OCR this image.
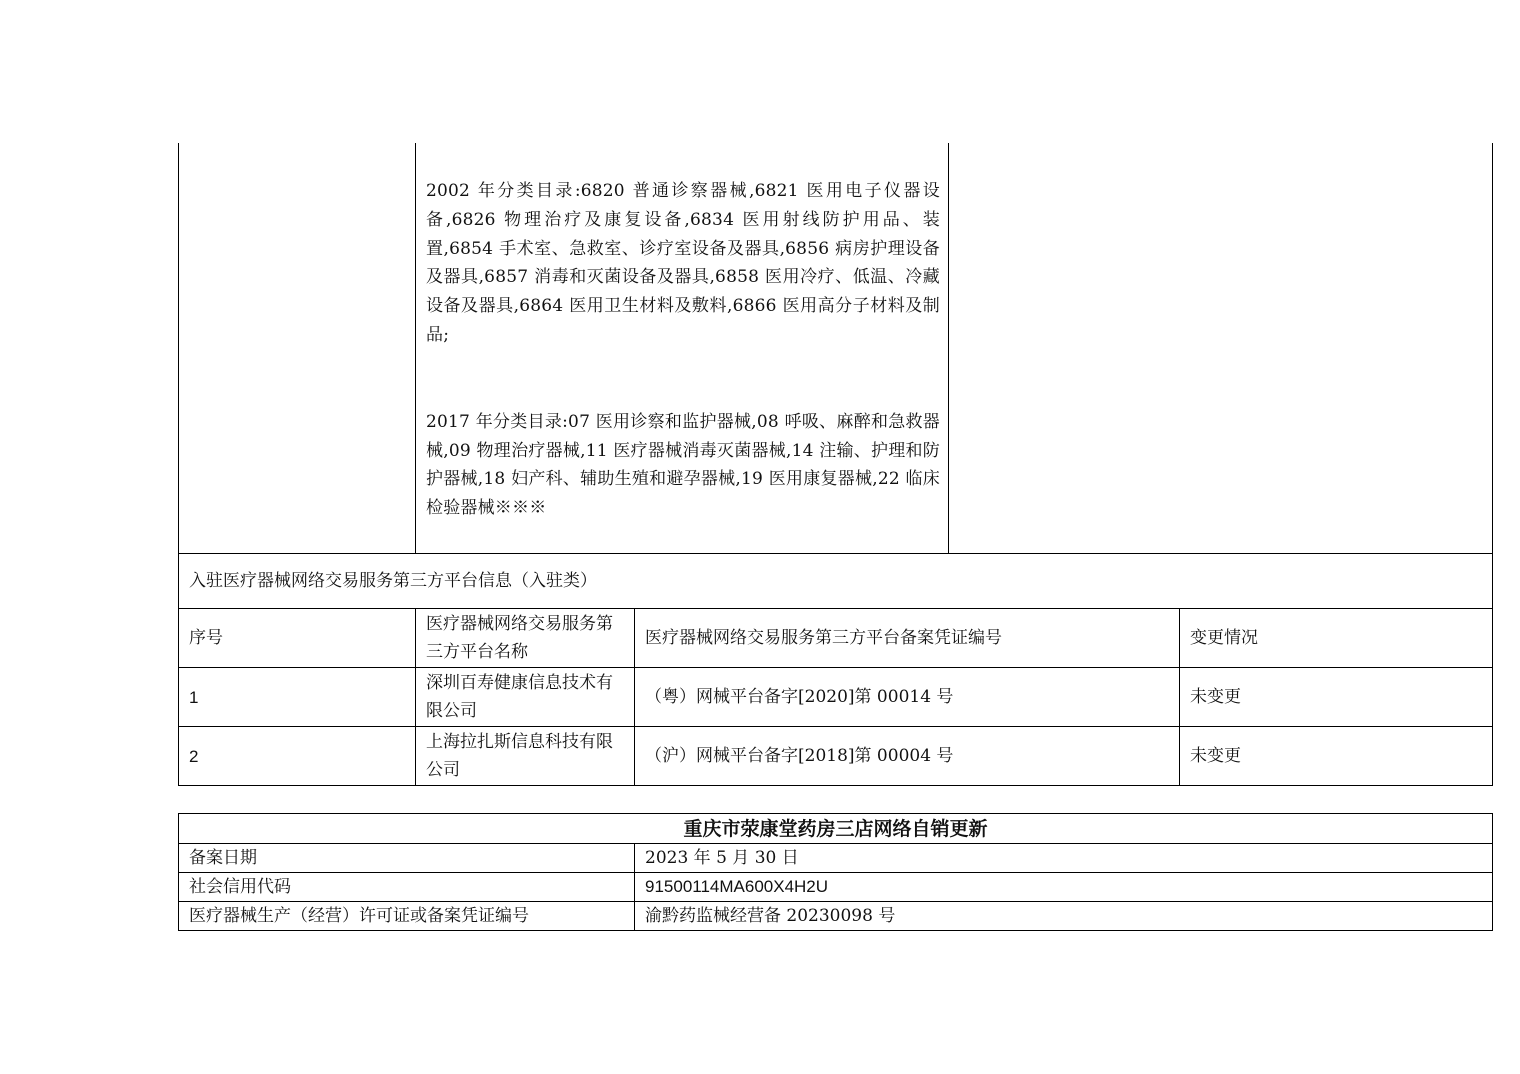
	2002 年分类目录:6820 普通诊察器械,6821 医用电子仪器设备,6826 物理治疗及康复设备,6834 医用射线防护用品、装置,6854 手术室、急救室、诊疗室设备及器具,6856 病房护理设备及器具,6857 消毒和灭菌设备及器具,6858 医用冷疗、低温、冷藏设备及器具,6864 医用卫生材料及敷料,6866 医用高分子材料及制品;

2017 年分类目录:07 医用诊察和监护器械,08 呼吸、麻醉和急救器械,09 物理治疗器械,11 医疗器械消毒灭菌器械,14 注输、护理和防护器械,18 妇产科、辅助生殖和避孕器械,19 医用康复器械,22 临床检验器械※※※			

入驻医疗器械网络交易服务第三方平台信息（入驻类）				
序号	医疗器械网络交易服务第三方平台名称	医疗器械网络交易服务第三方平台备案凭证编号		变更情况
1	深圳百寿健康信息技术有限公司	（粤）网械平台备字[2020]第 00014 号		未变更
2	上海拉扎斯信息科技有限公司	（沪）网械平台备字[2018]第 00004 号		未变更
重庆市荥康堂药房三店网络自销更新	
备案日期	2023 年 5 月 30 日
社会信用代码	91500114MA600X4H2U
医疗器械生产（经营）许可证或备案凭证编号	渝黔药监械经营备 20230098 号
